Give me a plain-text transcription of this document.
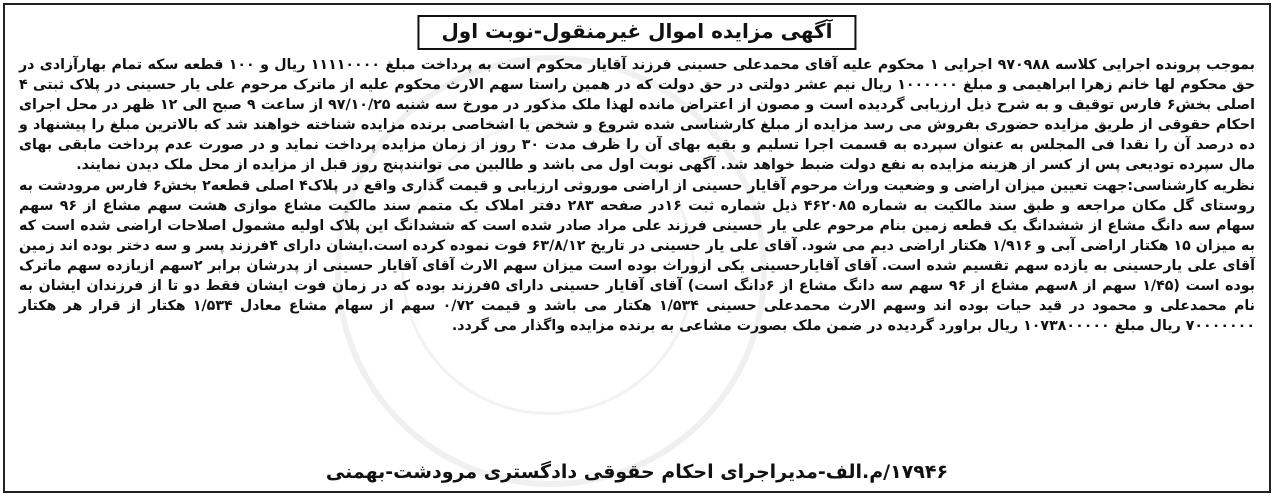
آگهی مزایده اموال غیرمنقول-نوبت اول

بموجب پرونده اجرایی کلاسه ۹۷۰۹۸۸ اجرایی ۱ محکوم علیه آقای محمدعلی حسینی فرزند آقایار محکوم است به پرداخت مبلغ ۱۱۱۱۰۰۰۰ ریال و ۱۰۰ قطعه سکه تمام بهارآزادی در حق محکوم لها خانم زهرا ابراهیمی و مبلغ ۱۰۰۰۰۰۰ ریال نیم عشر دولتی در حق دولت که در همین راستا سهم الارث محکوم علیه از ماترک مرحوم علی یار حسینی در پلاک ثبتی ۴ اصلی بخش۶ فارس توقیف و به شرح ذیل ارزیابی گردیده است و مصون از اعتراض مانده لهذا ملک مذکور در مورخ سه شنبه ۹۷/۱۰/۲۵ از ساعت ۹ صبح الی ۱۲ ظهر در محل اجرای احکام حقوقی از طریق مزایده حضوری بفروش می رسد مزایده از مبلغ کارشناسی شده شروع و شخص یا اشخاصی برنده مزایده شناخته خواهند شد که بالاترین مبلغ را پیشنهاد و ده درصد آن را نقدا فی المجلس به عنوان سپرده به قسمت اجرا تسلیم و بقیه بهای آن را ظرف مدت ۳۰ روز از زمان مزایده پرداخت نماید و در صورت عدم پرداخت مابقی بهای مال سپرده تودیعی پس از کسر از هزینه مزایده به نفع دولت ضبط خواهد شد. آگهی نوبت اول می باشد و طالبین می توانندپنج روز قبل از مزایده از محل ملک دیدن نمایند.

نظریه کارشناسی:جهت تعیین میزان اراضی و وضعیت وراث مرحوم آقایار حسینی از اراضی موروثی ارزیابی و قیمت گذاری واقع در پلاک۴ اصلی قطعه۲ بخش۶ فارس مرودشت به روستای گل مکان مراجعه و طبق سند مالکیت به شماره ۴۶۲۰۸۵ ذیل شماره ثبت ۱۶در صفحه ۲۸۳ دفتر املاک یک متمم سند مالکیت مشاع موازی هشت سهم مشاع از ۹۶ سهم سهام سه دانگ مشاع از ششدانگ یک قطعه زمین بنام مرحوم علی یار حسینی فرزند علی مراد صادر شده است که ششدانگ این پلاک اولیه مشمول اصلاحات اراضی شده است که به میزان ۱۵ هکتار اراضی آبی و ۱/۹۱۶ هکتار اراضی دیم می شود. آقای علی یار حسینی در تاریخ ۶۳/۸/۱۲ فوت نموده کرده است.ایشان دارای ۴فرزند پسر و سه دختر بوده اند زمین آقای علی یارحسینی به یازده سهم تقسیم شده است. آقای آقایارحسینی یکی ازوراث بوده است میزان سهم الارث آقای آقایار حسینی از پدرشان برابر ۲سهم ازیازده سهم ماترک بوده است (۱/۴۵ سهم از ۸سهم مشاع از ۹۶ سهم سه دانگ مشاع از ۶دانگ است) آقای آقایار حسینی دارای ۵فرزند بوده که در زمان فوت ایشان فقط دو تا از فرزندان ایشان به نام محمدعلی و محمود در قید حیات بوده اند وسهم الارث محمدعلی حسینی ۱/۵۳۴ هکتار می باشد و قیمت ۰/۷۲ سهم از سهام مشاع معادل ۱/۵۳۴ هکتار از قرار هر هکتار ۷۰۰۰۰۰۰۰ ریال مبلغ ۱۰۷۳۸۰۰۰۰۰ ریال براورد گردیده در ضمن ملک بصورت مشاعی به برنده مزایده واگذار می گردد.

۱۷۹۴۶/م.الف-مدیراجرای احکام حقوقی دادگستری مرودشت-بهمنی
